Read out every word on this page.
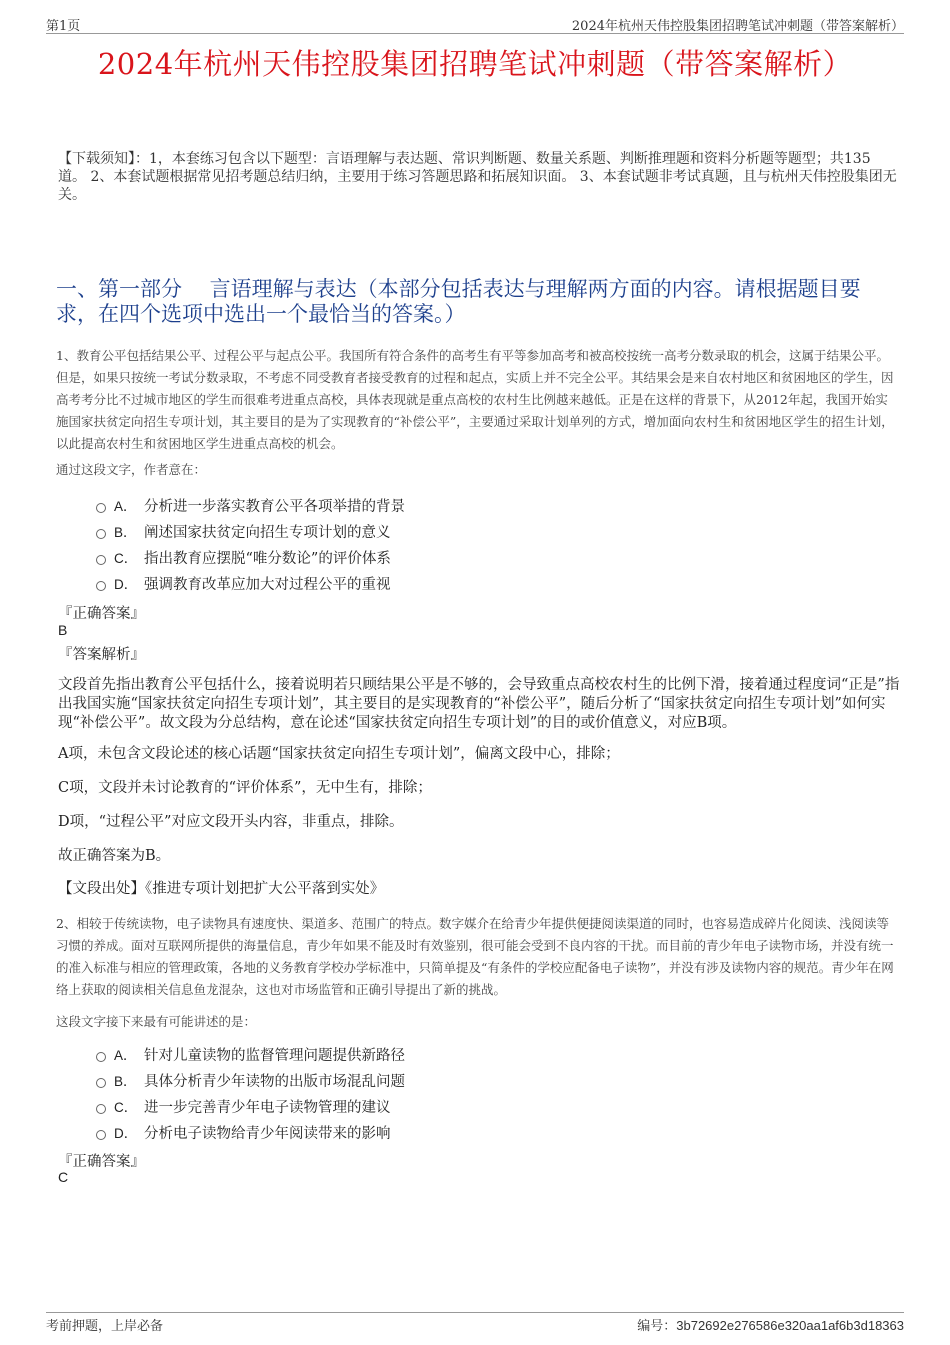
第1页	2024年杭州天伟控股集团招聘笔试冲刺题（带答案解析）
2024年杭州天伟控股集团招聘笔试冲刺题（带答案解析）
【下载须知】：1，本套练习包含以下题型：言语理解与表达题、常识判断题、数量关系题、判断推理题和资料分析题等题型；共135道。 2、本套试题根据常见招考题总结归纳，主要用于练习答题思路和拓展知识面。 3、本套试题非考试真题，且与杭州天伟控股集团无关。
一、第一部分　 言语理解与表达（本部分包括表达与理解两方面的内容。请根据题目要求，在四个选项中选出一个最恰当的答案。）
1、教育公平包括结果公平、过程公平与起点公平。我国所有符合条件的高考生有平等参加高考和被高校按统一高考分数录取的机会，这属于结果公平。但是，如果只按统一考试分数录取，不考虑不同受教育者接受教育的过程和起点，实质上并不完全公平。其结果会是来自农村地区和贫困地区的学生，因高考考分比不过城市地区的学生而很难考进重点高校，具体表现就是重点高校的农村生比例越来越低。正是在这样的背景下，从2012年起，我国开始实施国家扶贫定向招生专项计划，其主要目的是为了实现教育的“补偿公平”，主要通过采取计划单列的方式，增加面向农村生和贫困地区学生的招生计划，以此提高农村生和贫困地区学生进重点高校的机会。
通过这段文字，作者意在：
A． 分析进一步落实教育公平各项举措的背景
B． 阐述国家扶贫定向招生专项计划的意义
C． 指出教育应摆脱“唯分数论”的评价体系
D． 强调教育改革应加大对过程公平的重视
『正确答案』
B
『答案解析』
文段首先指出教育公平包括什么，接着说明若只顾结果公平是不够的，会导致重点高校农村生的比例下滑，接着通过程度词“正是”指出我国实施“国家扶贫定向招生专项计划”，其主要目的是实现教育的“补偿公平”，随后分析了“国家扶贫定向招生专项计划”如何实现“补偿公平”。故文段为分总结构，意在论述“国家扶贫定向招生专项计划”的目的或价值意义，对应B项。
A项，未包含文段论述的核心话题“国家扶贫定向招生专项计划”，偏离文段中心，排除；
C项，文段并未讨论教育的“评价体系”，无中生有，排除；
D项，“过程公平”对应文段开头内容，非重点，排除。
故正确答案为B。
【文段出处】《推进专项计划把扩大公平落到实处》
2、相较于传统读物，电子读物具有速度快、渠道多、范围广的特点。数字媒介在给青少年提供便捷阅读渠道的同时，也容易造成碎片化阅读、浅阅读等习惯的养成。面对互联网所提供的海量信息，青少年如果不能及时有效鉴别，很可能会受到不良内容的干扰。而目前的青少年电子读物市场，并没有统一的准入标准与相应的管理政策，各地的义务教育学校办学标准中，只简单提及“有条件的学校应配备电子读物”，并没有涉及读物内容的规范。青少年在网络上获取的阅读相关信息鱼龙混杂，这也对市场监管和正确引导提出了新的挑战。
这段文字接下来最有可能讲述的是：
A． 针对儿童读物的监督管理问题提供新路径
B． 具体分析青少年读物的出版市场混乱问题
C． 进一步完善青少年电子读物管理的建议
D． 分析电子读物给青少年阅读带来的影响
『正确答案』
C
考前押题，上岸必备	编号：3b72692e276586e320aa1af6b3d18363
